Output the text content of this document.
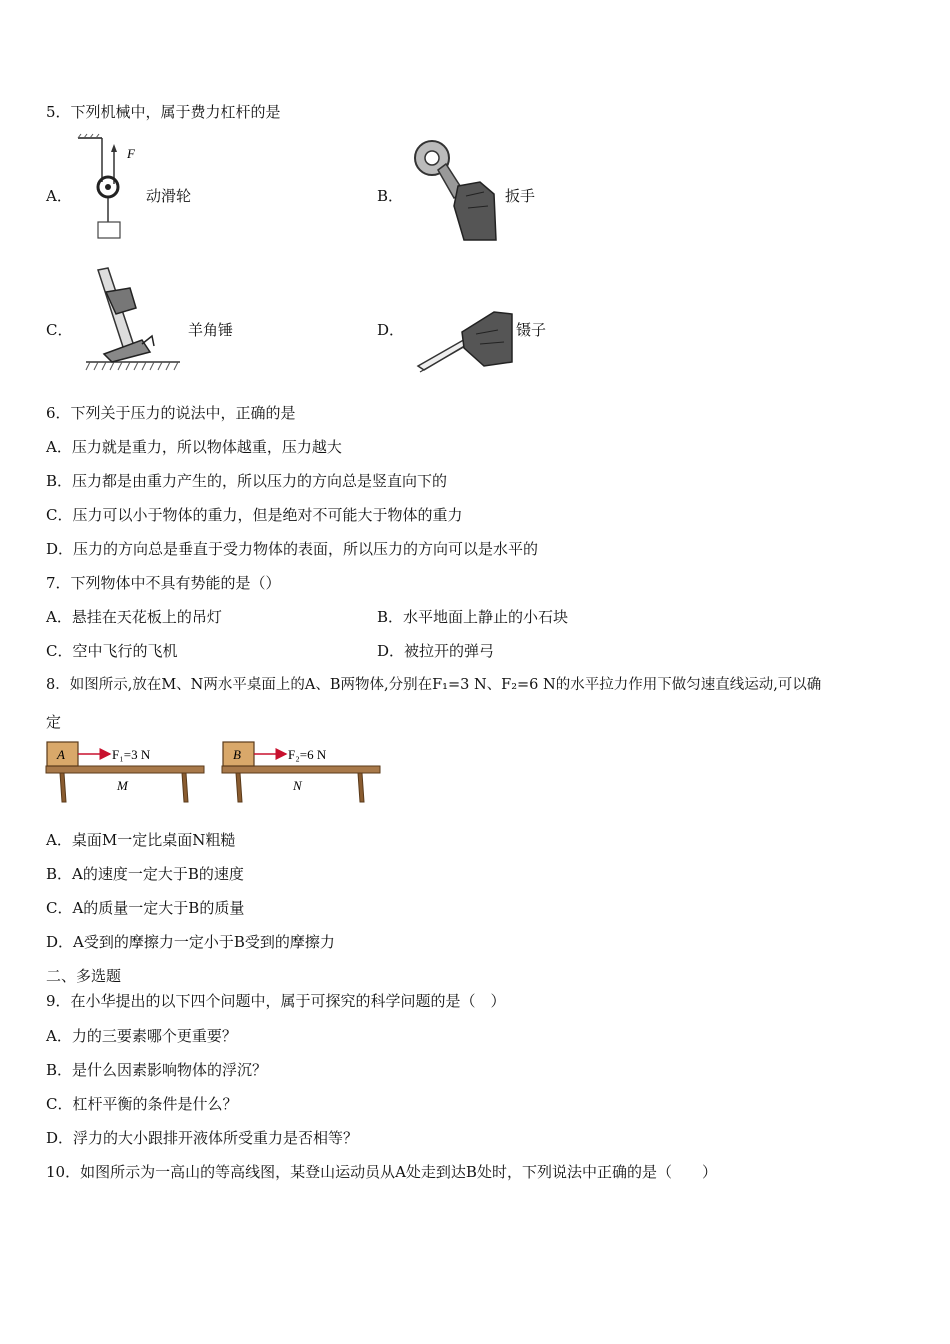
5．下列机械中，属于费力杠杆的是
A．
F
动滑轮	B．	扳手
C．	羊角锤	D．	镊子
6．下列关于压力的说法中，正确的是
A．压力就是重力，所以物体越重，压力越大
B．压力都是由重力产生的，所以压力的方向总是竖直向下的
C．压力可以小于物体的重力，但是绝对不可能大于物体的重力
D．压力的方向总是垂直于受力物体的表面，所以压力的方向可以是水平的
7．下列物体中不具有势能的是（）
A．悬挂在天花板上的吊灯	B．水平地面上静止的小石块
C．空中飞行的飞机	D．被拉开的弹弓
8．如图所示,放在M、N两水平桌面上的A、B两物体,分别在F₁=3 N、F₂=6 N的水平拉力作用下做匀速直线运动,可以确
定
A	F₁=3 N
M
B	F₂=6 N
N
A．桌面M一定比桌面N粗糙
B．A的速度一定大于B的速度
C．A的质量一定大于B的质量
D．A受到的摩擦力一定小于B受到的摩擦力
二、多选题
9．在小华提出的以下四个问题中，属于可探究的科学问题的是（　）
A．力的三要素哪个更重要？
B．是什么因素影响物体的浮沉？
C．杠杆平衡的条件是什么？
D．浮力的大小跟排开液体所受重力是否相等？
10．如图所示为一高山的等高线图，某登山运动员从A处走到达B处时，下列说法中正确的是（　　）
